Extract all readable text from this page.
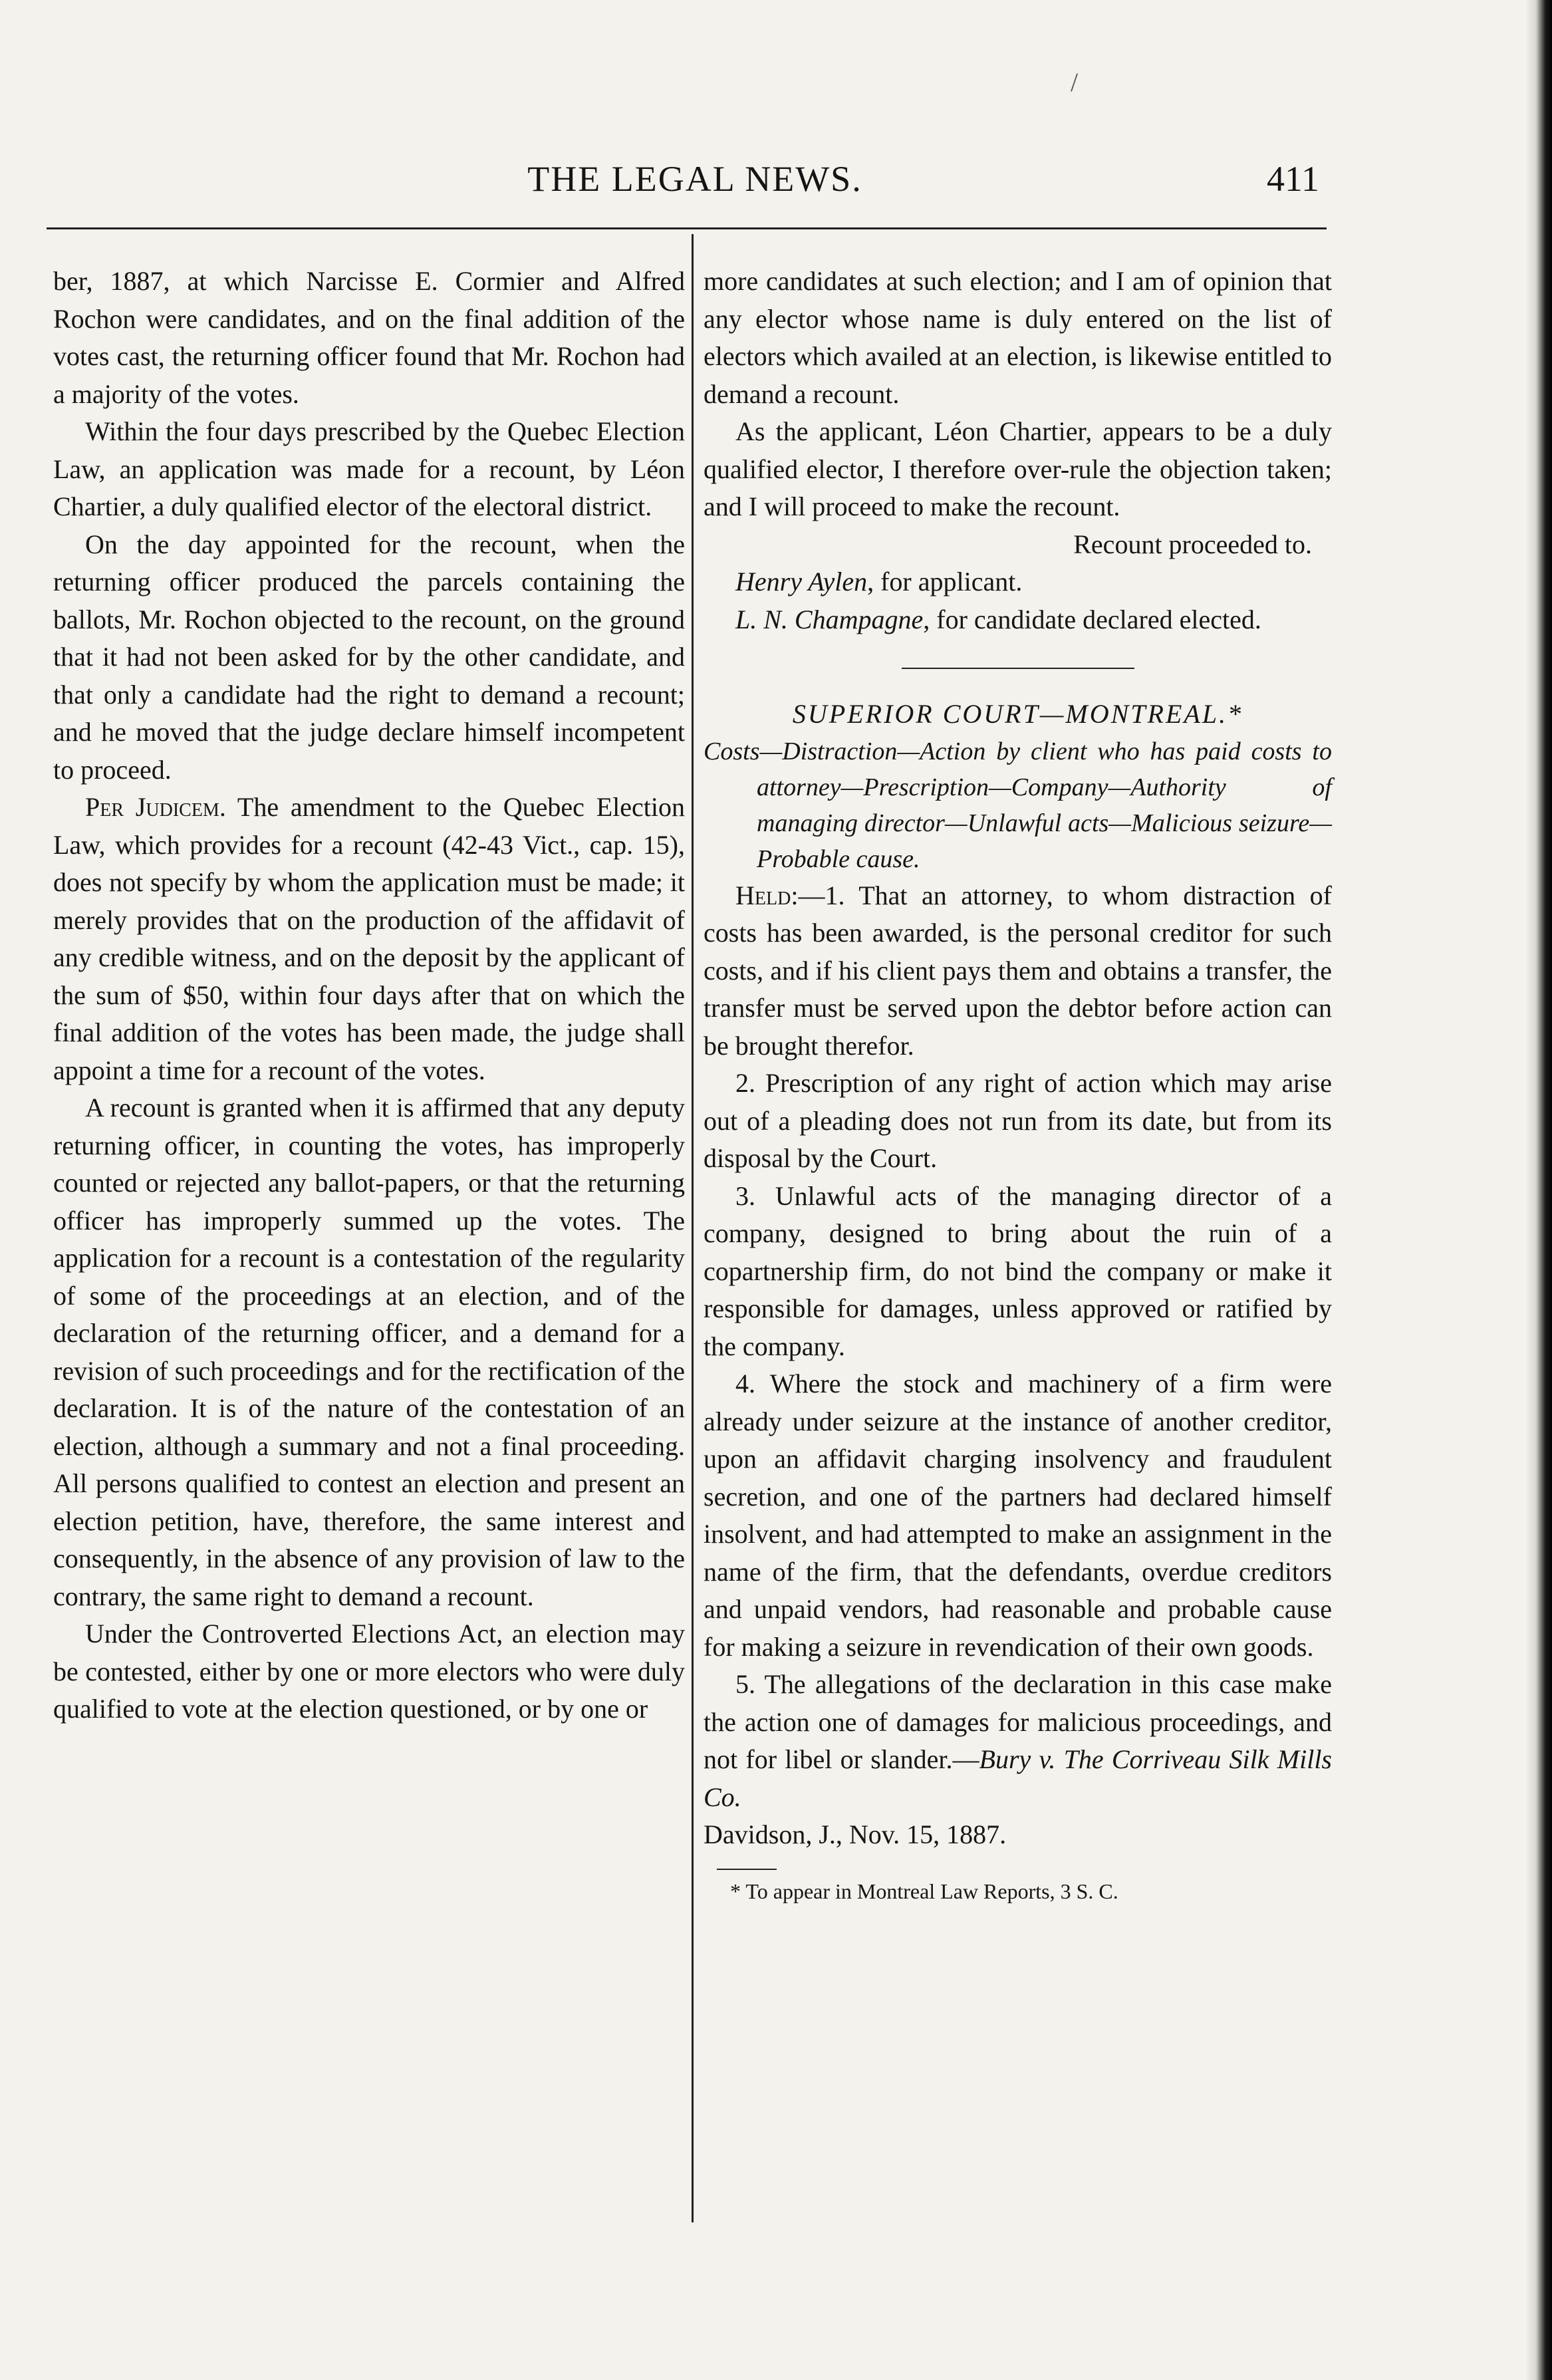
/
THE LEGAL NEWS.	411

ber, 1887, at which Narcisse E. Cormier and Alfred Rochon were candidates, and on the final addition of the votes cast, the returning officer found that Mr. Rochon had a majority of the votes.

Within the four days prescribed by the Quebec Election Law, an application was made for a recount, by Léon Chartier, a duly qualified elector of the electoral district.

On the day appointed for the recount, when the returning officer produced the parcels containing the ballots, Mr. Rochon objected to the recount, on the ground that it had not been asked for by the other candidate, and that only a candidate had the right to demand a recount; and he moved that the judge declare himself incompetent to proceed.

Per Judicem. The amendment to the Quebec Election Law, which provides for a recount (42-43 Vict., cap. 15), does not specify by whom the application must be made; it merely provides that on the production of the affidavit of any credible witness, and on the deposit by the applicant of the sum of $50, within four days after that on which the final addition of the votes has been made, the judge shall appoint a time for a recount of the votes.

A recount is granted when it is affirmed that any deputy returning officer, in counting the votes, has improperly counted or rejected any ballot-papers, or that the returning officer has improperly summed up the votes. The application for a recount is a contestation of the regularity of some of the proceedings at an election, and of the declaration of the returning officer, and a demand for a revision of such proceedings and for the rectification of the declaration. It is of the nature of the contestation of an election, although a summary and not a final proceeding. All persons qualified to contest an election and present an election petition, have, therefore, the same interest and consequently, in the absence of any provision of law to the contrary, the same right to demand a recount.

Under the Controverted Elections Act, an election may be contested, either by one or more electors who were duly qualified to vote at the election questioned, or by one or

more candidates at such election; and I am of opinion that any elector whose name is duly entered on the list of electors which availed at an election, is likewise entitled to demand a recount.

As the applicant, Léon Chartier, appears to be a duly qualified elector, I therefore over-rule the objection taken; and I will proceed to make the recount.

Recount proceeded to.

Henry Aylen, for applicant.

L. N. Champagne, for candidate declared elected.

SUPERIOR COURT—MONTREAL.*

Costs—Distraction—Action by client who has paid costs to attorney—Prescription—Company—Authority of managing director—Unlawful acts—Malicious seizure—Probable cause.

Held:—1. That an attorney, to whom distraction of costs has been awarded, is the personal creditor for such costs, and if his client pays them and obtains a transfer, the transfer must be served upon the debtor before action can be brought therefor.

2. Prescription of any right of action which may arise out of a pleading does not run from its date, but from its disposal by the Court.

3. Unlawful acts of the managing director of a company, designed to bring about the ruin of a copartnership firm, do not bind the company or make it responsible for damages, unless approved or ratified by the company.

4. Where the stock and machinery of a firm were already under seizure at the instance of another creditor, upon an affidavit charging insolvency and fraudulent secretion, and one of the partners had declared himself insolvent, and had attempted to make an assignment in the name of the firm, that the defendants, overdue creditors and unpaid vendors, had reasonable and probable cause for making a seizure in revendication of their own goods.

5. The allegations of the declaration in this case make the action one of damages for malicious proceedings, and not for libel or slander.—Bury v. The Corriveau Silk Mills Co.

Davidson, J., Nov. 15, 1887.

* To appear in Montreal Law Reports, 3 S. C.
